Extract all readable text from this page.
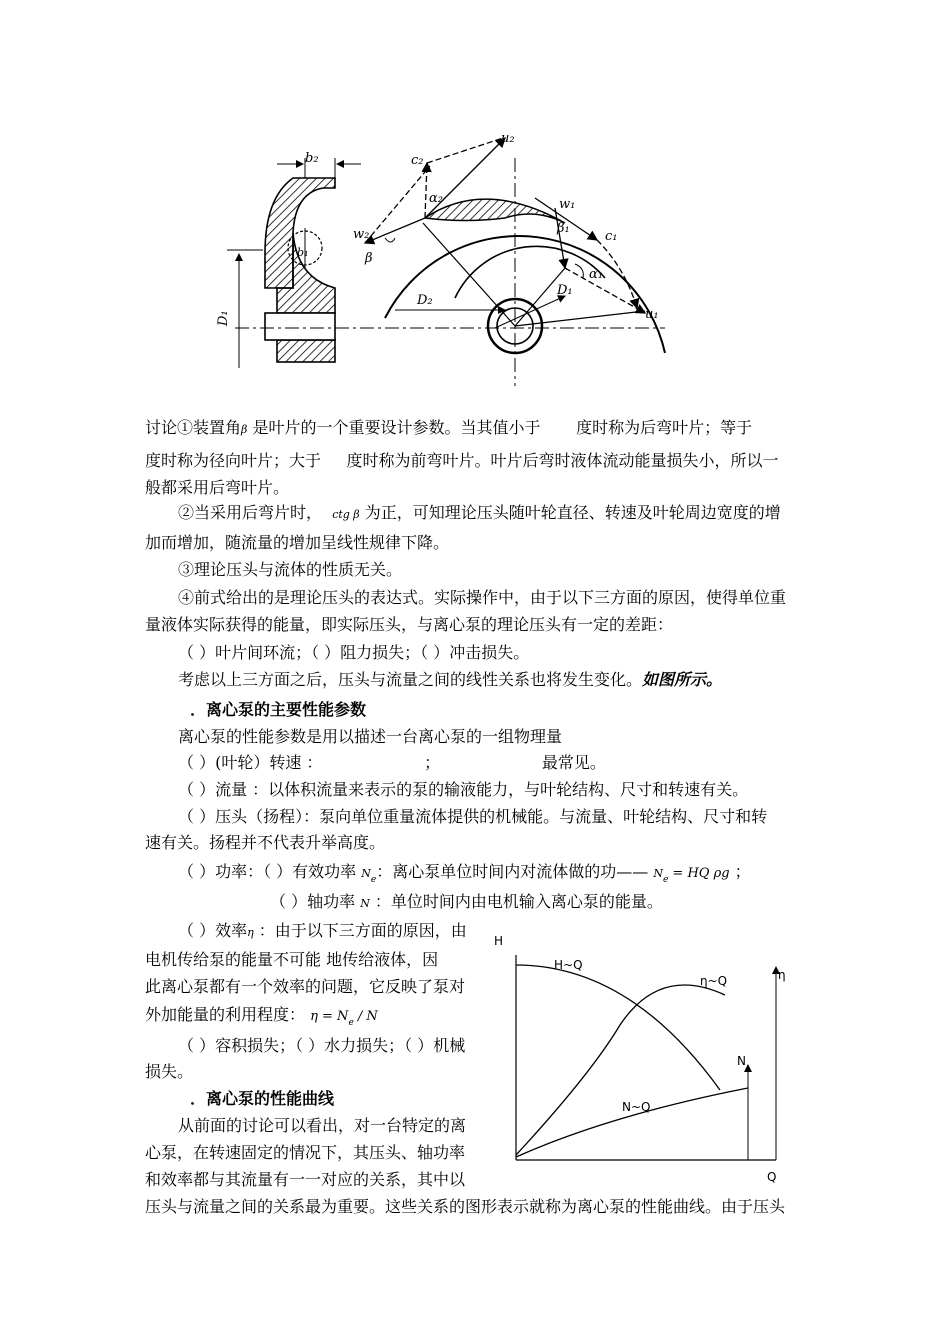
b₂
b₁
D₁
c₂
u₂
α₂
w₂
β
w₁
β₁
c₁
α₁
D₁
D₂
u₁
讨论①装置角β 是叶片的一个重要设计参数。当其值小于 度时称为后弯叶片；等于
度时称为径向叶片；大于 度时称为前弯叶片。叶片后弯时液体流动能量损失小，所以一
般都采用后弯叶片。
②当采用后弯片时， ctg β 为正，可知理论压头随叶轮直径、转速及叶轮周边宽度的增
加而增加，随流量的增加呈线性规律下降。
③理论压头与流体的性质无关。
④前式给出的是理论压头的表达式。实际操作中，由于以下三方面的原因，使得单位重
量液体实际获得的能量，即实际压头，与离心泵的理论压头有一定的差距：
（ ）叶片间环流；（ ）阻力损失；（ ）冲击损失。
考虑以上三方面之后，压头与流量之间的线性关系也将发生变化。如图所示。
．离心泵的主要性能参数
离心泵的性能参数是用以描述一台离心泵的一组物理量
（ ）(叶轮）转速 ：	；	最常见。
（ ）流量 ：以体积流量来表示的泵的输液能力，与叶轮结构、尺寸和转速有关。
（ ）压头（扬程）：泵向单位重量流体提供的机械能。与流量、叶轮结构、尺寸和转
速有关。扬程并不代表升举高度。
（ ）功率：（ ）有效功率 $N_e$：离心泵单位时间内对流体做的功—— $N_e$ = HQ ρg ；
（ ）轴功率 N ：单位时间内由电机输入离心泵的能量。
（ ）效率η ：由于以下三方面的原因，由
电机传给泵的能量不可能 地传给液体，因
此离心泵都有一个效率的问题，它反映了泵对
外加能量的利用程度： $\eta = N_e / N$
（ ）容积损失；（ ）水力损失；（ ）机械
损失。
．离心泵的性能曲线
从前面的讨论可以看出，对一台特定的离
心泵，在转速固定的情况下，其压头、轴功率
和效率都与其流量有一一对应的关系，其中以
压头与流量之间的关系最为重要。这些关系的图形表示就称为离心泵的性能曲线。由于压头
H
Q
η
N
H~Q
η~Q
N~Q
